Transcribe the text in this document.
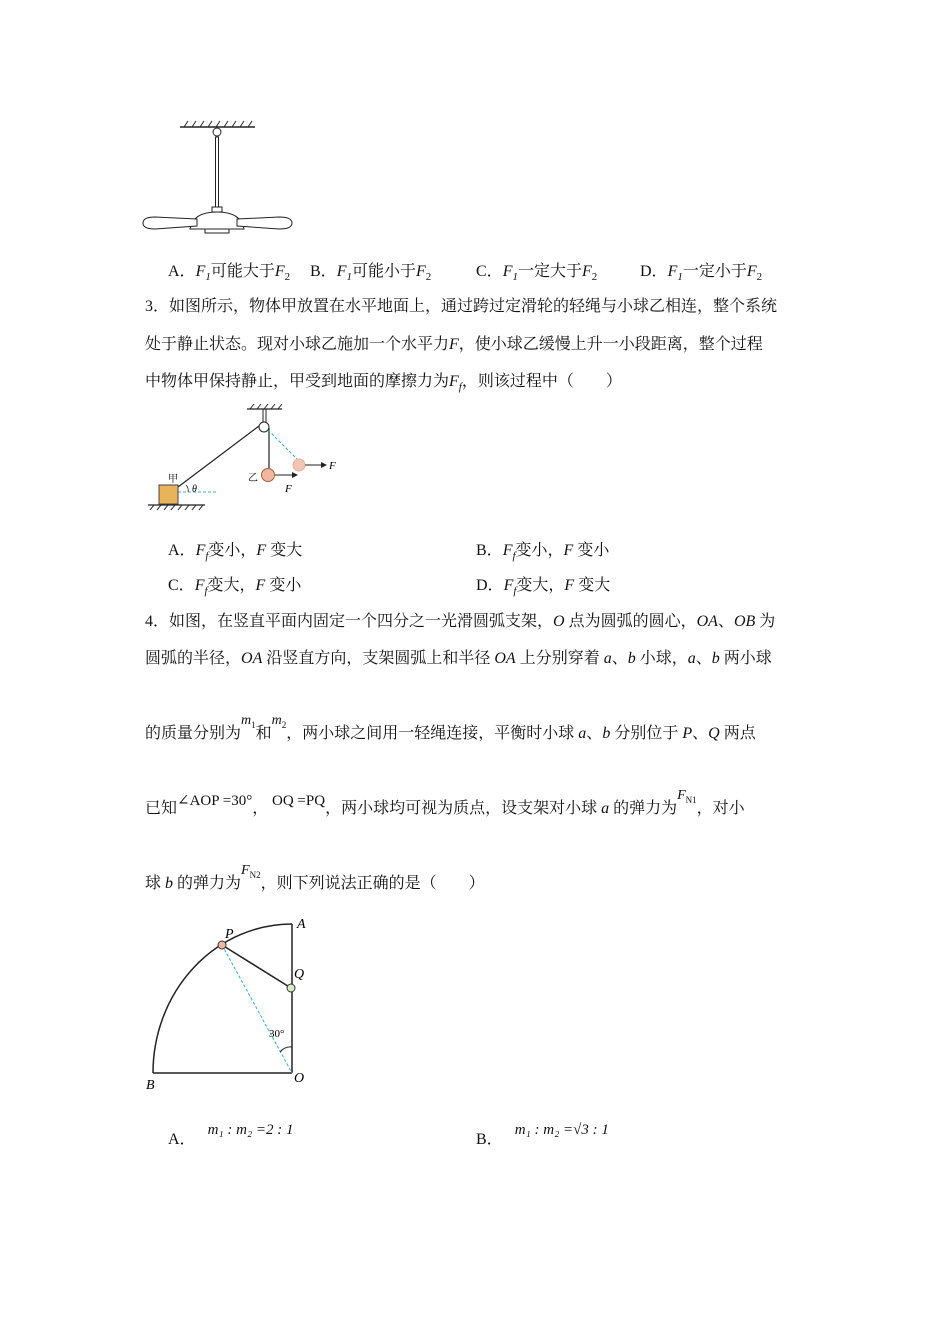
A．$F_1$可能大于$F_2$ B．$F_1$可能小于$F_2$	C．$F_1$一定大于$F_2$	D．$F_1$一定小于$F_2$
3．如图所示，物体甲放置在水平地面上，通过跨过定滑轮的轻绳与小球乙相连，整个系统
处于静止状态。现对小球乙施加一个水平力F，使小球乙缓慢上升一小段距离，整个过程
中物体甲保持静止，甲受到地面的摩擦力为$F_f$，则该过程中（　　）
甲
θ
乙
F
F
A．$F_f$变小，F 变大	B．$F_f$变小，F 变小
C．$F_f$变大，F 变小	D．$F_f$变大，F 变大
4．如图，在竖直平面内固定一个四分之一光滑圆弧支架，O 点为圆弧的圆心，OA、OB 为
圆弧的半径，OA 沿竖直方向，支架圆弧上和半径 OA 上分别穿着 a、b 小球，a、b 两小球
的质量分别为$m^1$和$m^2$，两小球之间用一轻绳连接，平衡时小球 a、b 分别位于 P、Q 两点
已知∠AOP =30°， OQ =PQ，两小球均可视为质点，设支架对小球 a 的弹力为$F^{N1}$，对小
球 b 的弹力为$F^{N2}$，则下列说法正确的是（　　）
P
A
Q
30°
O
B
A． m₁ : m₂ =2 : 1
B． m₁ : m₂ =√3 : 1
